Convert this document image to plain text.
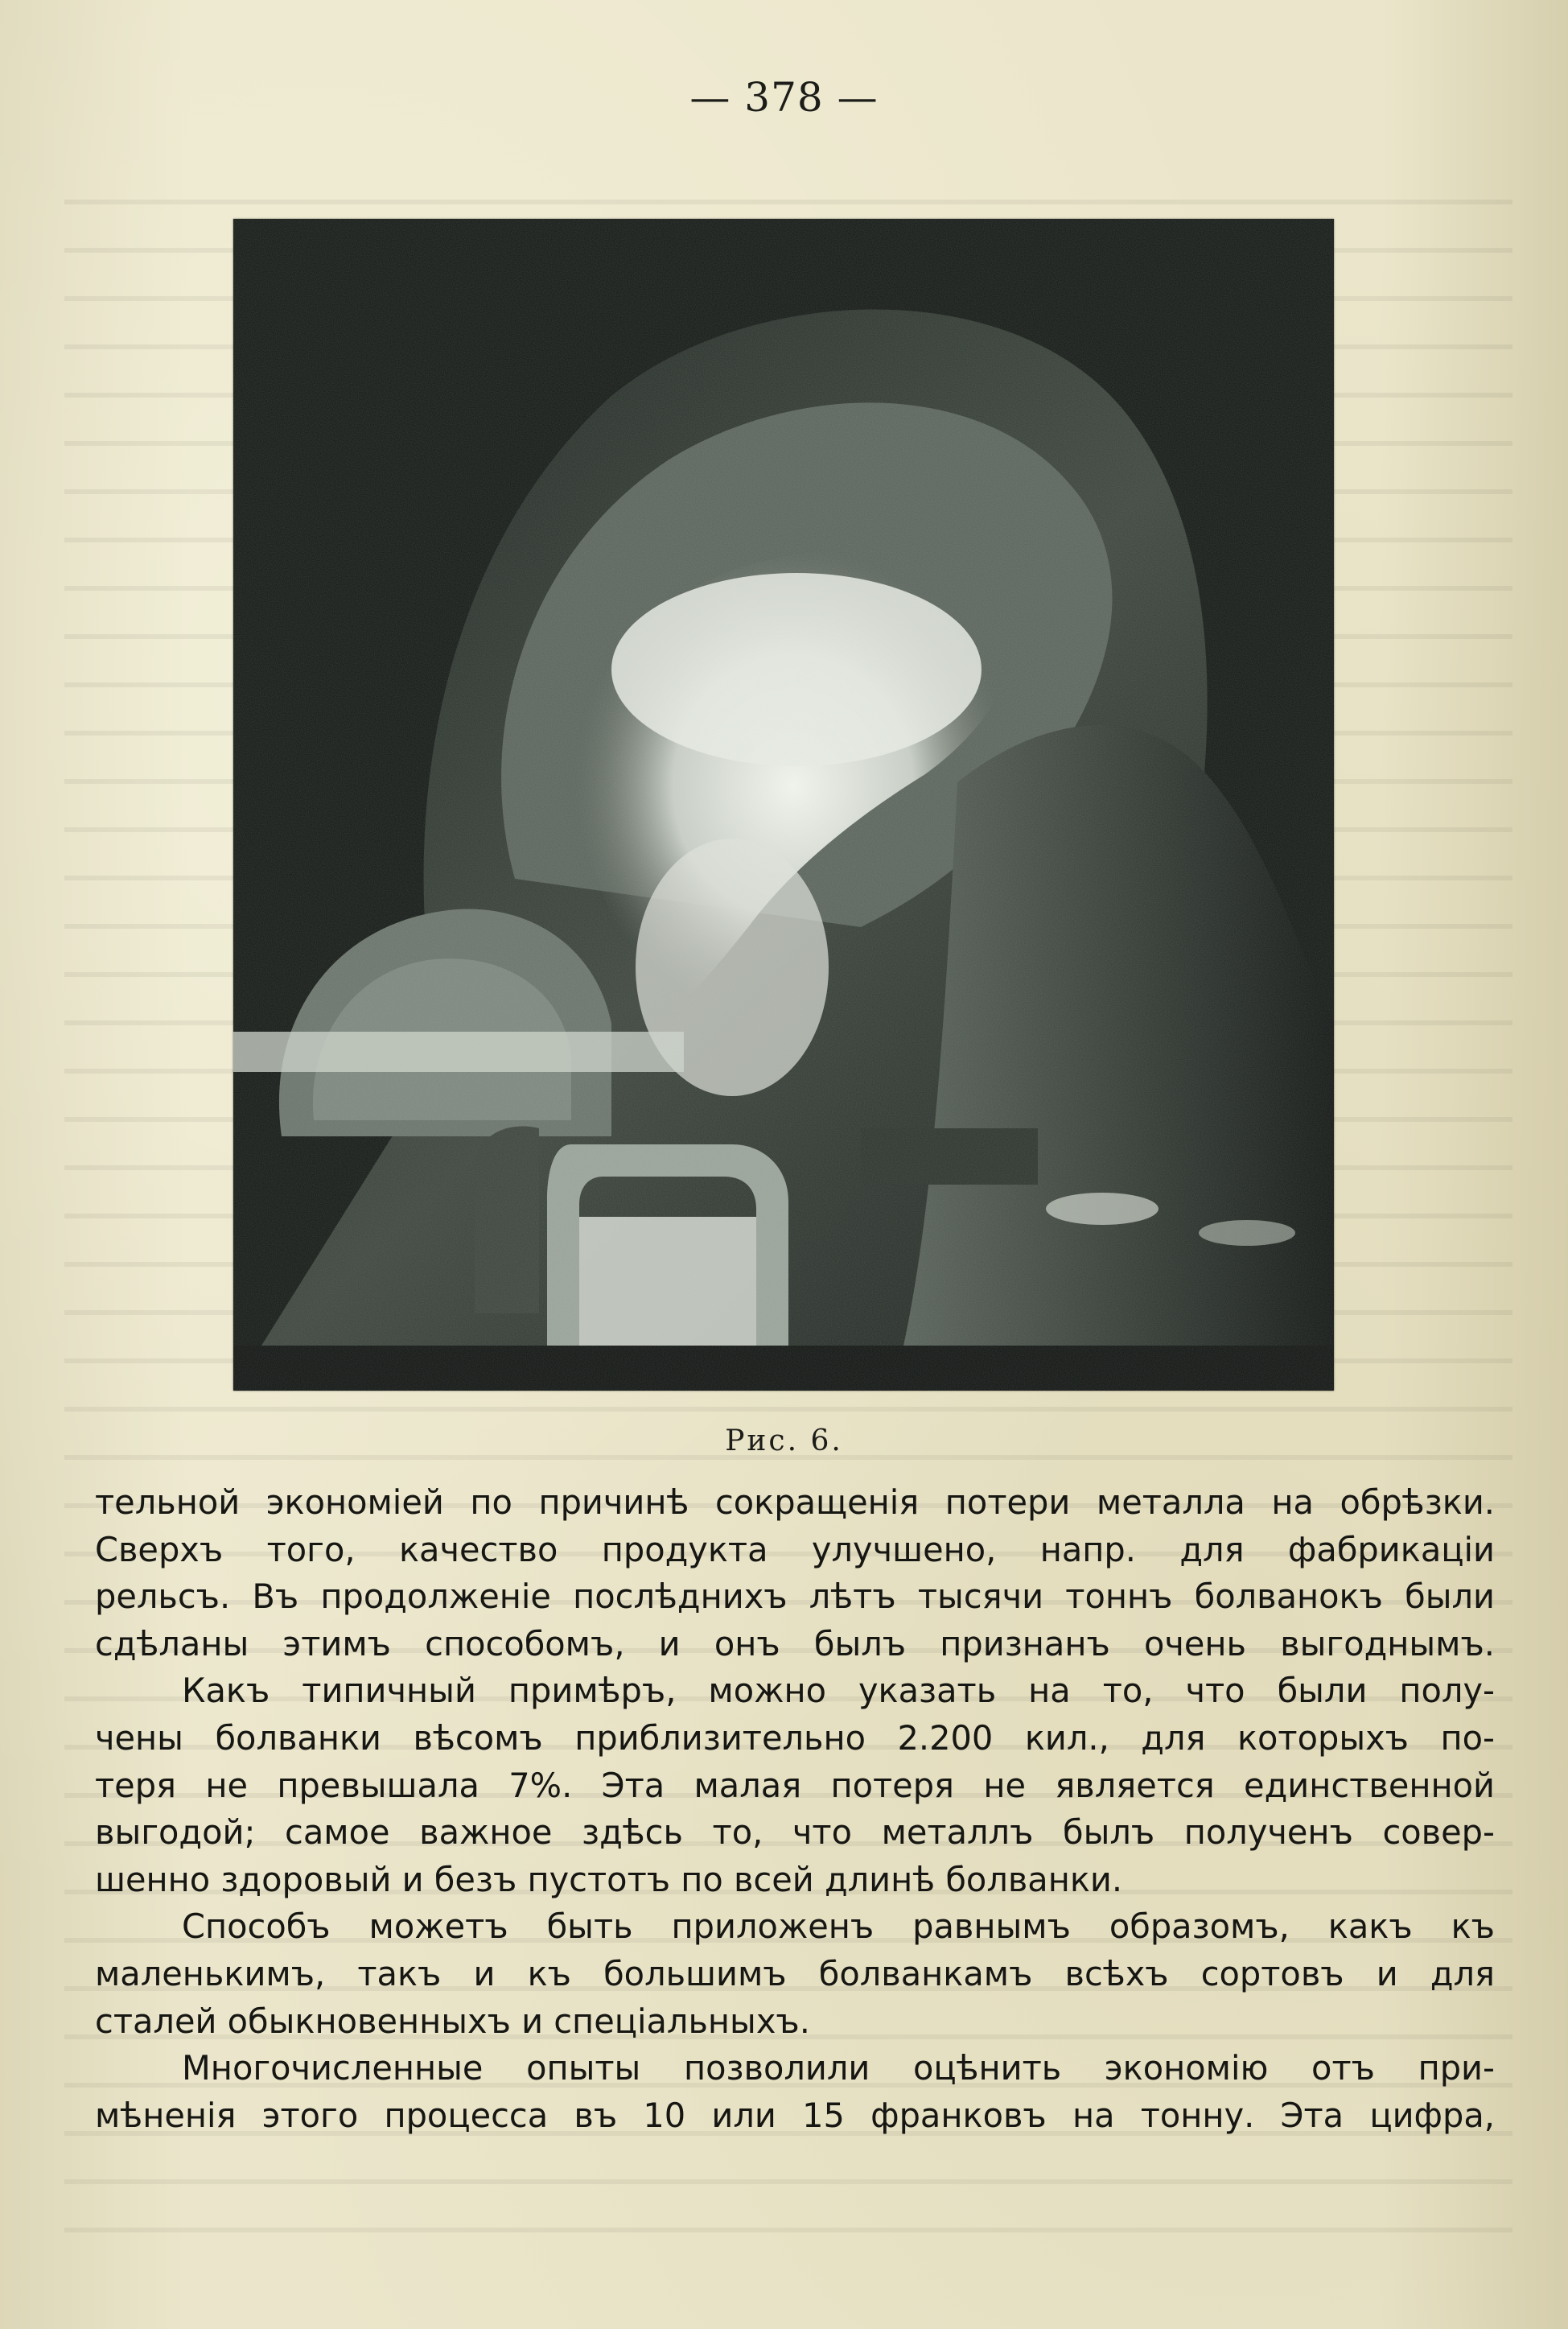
— 378 —
Рис. 6.

тельной экономіей по причинѣ сокращенія потери металла на обрѣзки.
Сверхъ того, качество продукта улучшено, напр. для фабрикаціи
рельсъ. Въ продолженіе послѣднихъ лѣтъ тысячи тоннъ болванокъ были
сдѣланы этимъ способомъ, и онъ былъ признанъ очень выгоднымъ.

Какъ типичный примѣръ, можно указать на то, что были полу-
чены болванки вѣсомъ приблизительно 2.200 кил., для которыхъ по-
теря не превышала 7%. Эта малая потеря не является единственной
выгодой; самое важное здѣсь то, что металлъ былъ полученъ совер-
шенно здоровый и безъ пустотъ по всей длинѣ болванки.

Способъ можетъ быть приложенъ равнымъ образомъ, какъ къ
маленькимъ, такъ и къ большимъ болванкамъ всѣхъ сортовъ и для
сталей обыкновенныхъ и спеціальныхъ.

Многочисленные опыты позволили оцѣнить экономію отъ при-
мѣненія этого процесса въ 10 или 15 франковъ на тонну. Эта цифра,
